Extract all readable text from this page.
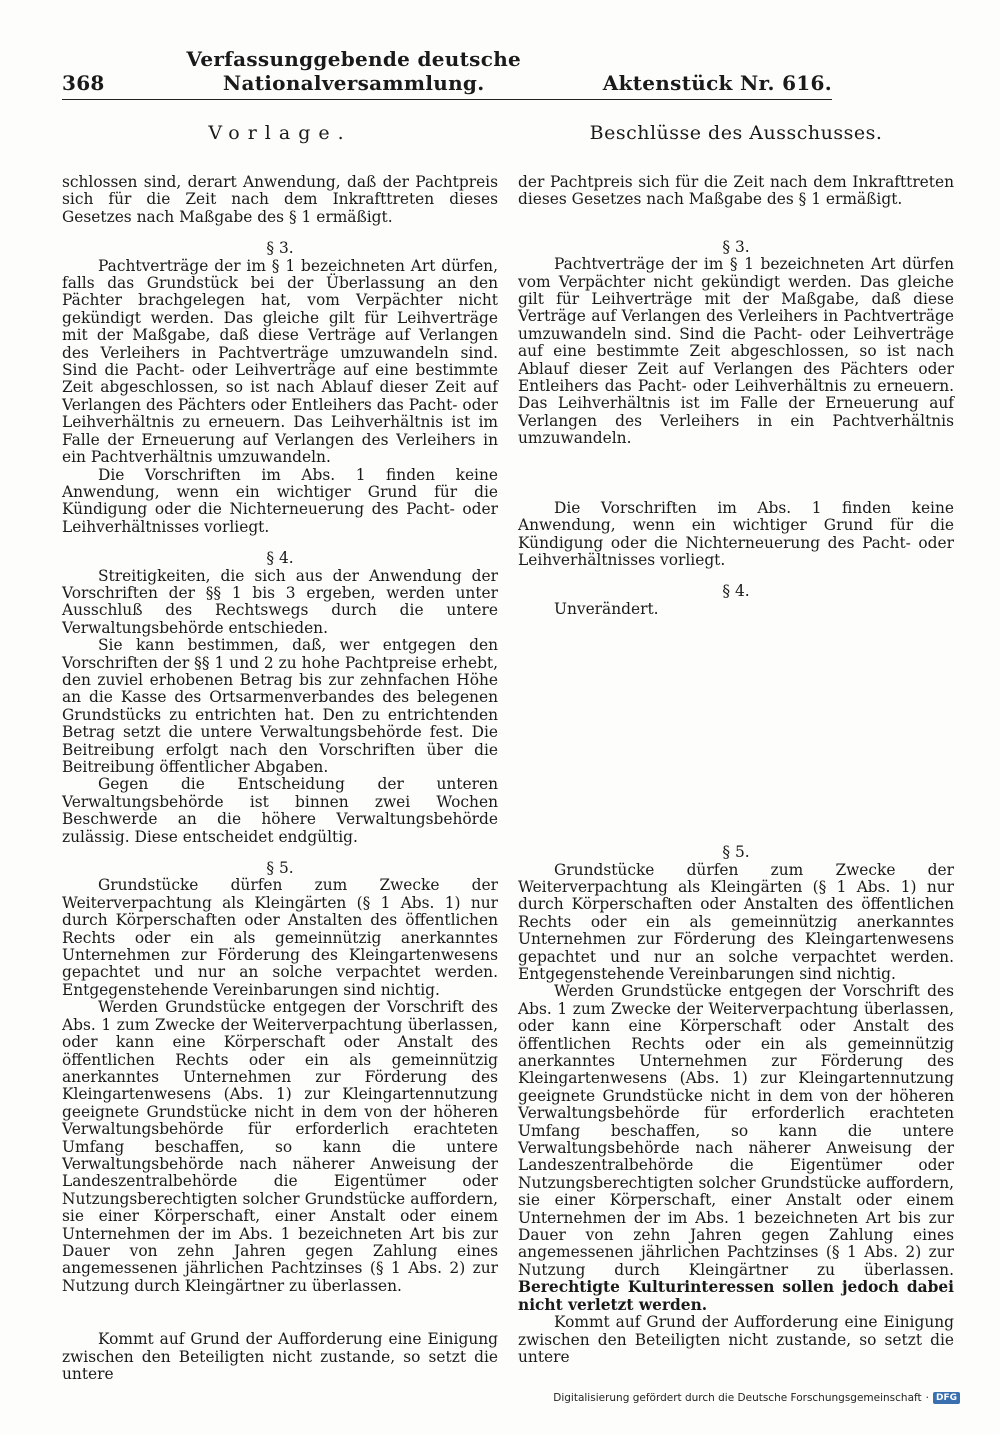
368
Verfassunggebende deutsche Nationalversammlung.	Aktenstück Nr. 616.
Vorlage.

schlossen sind, derart Anwendung, daß der Pachtpreis sich für die Zeit nach dem Inkrafttreten dieses Gesetzes nach Maßgabe des § 1 ermäßigt.

§ 3.

Pachtverträge der im § 1 bezeichneten Art dürfen, falls das Grundstück bei der Überlassung an den Pächter brachgelegen hat, vom Verpächter nicht gekündigt werden. Das gleiche gilt für Leihverträge mit der Maßgabe, daß diese Verträge auf Verlangen des Verleihers in Pachtverträge umzuwandeln sind. Sind die Pacht- oder Leihverträge auf eine bestimmte Zeit abgeschlossen, so ist nach Ablauf dieser Zeit auf Verlangen des Pächters oder Entleihers das Pacht- oder Leihverhältnis zu erneuern. Das Leihverhältnis ist im Falle der Erneuerung auf Verlangen des Verleihers in ein Pachtverhältnis umzuwandeln.

Die Vorschriften im Abs. 1 finden keine Anwendung, wenn ein wichtiger Grund für die Kündigung oder die Nichterneuerung des Pacht- oder Leihverhältnisses vorliegt.

§ 4.

Streitigkeiten, die sich aus der Anwendung der Vorschriften der §§ 1 bis 3 ergeben, werden unter Ausschluß des Rechtswegs durch die untere Verwaltungsbehörde entschieden.

Sie kann bestimmen, daß, wer entgegen den Vorschriften der §§ 1 und 2 zu hohe Pachtpreise erhebt, den zuviel erhobenen Betrag bis zur zehnfachen Höhe an die Kasse des Ortsarmenverbandes des belegenen Grundstücks zu entrichten hat. Den zu entrichtenden Betrag setzt die untere Verwaltungsbehörde fest. Die Beitreibung erfolgt nach den Vorschriften über die Beitreibung öffentlicher Abgaben.

Gegen die Entscheidung der unteren Verwaltungsbehörde ist binnen zwei Wochen Beschwerde an die höhere Verwaltungsbehörde zulässig. Diese entscheidet endgültig.

§ 5.

Grundstücke dürfen zum Zwecke der Weiterverpachtung als Kleingärten (§ 1 Abs. 1) nur durch Körperschaften oder Anstalten des öffentlichen Rechts oder ein als gemeinnützig anerkanntes Unternehmen zur Förderung des Kleingartenwesens gepachtet und nur an solche verpachtet werden. Entgegenstehende Vereinbarungen sind nichtig.

Werden Grundstücke entgegen der Vorschrift des Abs. 1 zum Zwecke der Weiterverpachtung überlassen, oder kann eine Körperschaft oder Anstalt des öffentlichen Rechts oder ein als gemeinnützig anerkanntes Unternehmen zur Förderung des Kleingartenwesens (Abs. 1) zur Kleingartennutzung geeignete Grundstücke nicht in dem von der höheren Verwaltungsbehörde für erforderlich erachteten Umfang beschaffen, so kann die untere Verwaltungsbehörde nach näherer Anweisung der Landeszentralbehörde die Eigentümer oder Nutzungsberechtigten solcher Grundstücke auffordern, sie einer Körperschaft, einer Anstalt oder einem Unternehmen der im Abs. 1 bezeichneten Art bis zur Dauer von zehn Jahren gegen Zahlung eines angemessenen jährlichen Pachtzinses (§ 1 Abs. 2) zur Nutzung durch Kleingärtner zu überlassen.

Kommt auf Grund der Aufforderung eine Einigung zwischen den Beteiligten nicht zustande, so setzt die untere

Beschlüsse des Ausschusses.

der Pachtpreis sich für die Zeit nach dem Inkrafttreten dieses Gesetzes nach Maßgabe des § 1 ermäßigt.

§ 3.

Pachtverträge der im § 1 bezeichneten Art dürfen vom Verpächter nicht gekündigt werden. Das gleiche gilt für Leihverträge mit der Maßgabe, daß diese Verträge auf Verlangen des Verleihers in Pachtverträge umzuwandeln sind. Sind die Pacht- oder Leihverträge auf eine bestimmte Zeit abgeschlossen, so ist nach Ablauf dieser Zeit auf Verlangen des Pächters oder Entleihers das Pacht- oder Leihverhältnis zu erneuern. Das Leihverhältnis ist im Falle der Erneuerung auf Verlangen des Verleihers in ein Pachtverhältnis umzuwandeln.

Die Vorschriften im Abs. 1 finden keine Anwendung, wenn ein wichtiger Grund für die Kündigung oder die Nichterneuerung des Pacht- oder Leihverhältnisses vorliegt.

§ 4.

Unverändert.

§ 5.

Grundstücke dürfen zum Zwecke der Weiterverpachtung als Kleingärten (§ 1 Abs. 1) nur durch Körperschaften oder Anstalten des öffentlichen Rechts oder ein als gemeinnützig anerkanntes Unternehmen zur Förderung des Kleingartenwesens gepachtet und nur an solche verpachtet werden. Entgegenstehende Vereinbarungen sind nichtig.

Werden Grundstücke entgegen der Vorschrift des Abs. 1 zum Zwecke der Weiterverpachtung überlassen, oder kann eine Körperschaft oder Anstalt des öffentlichen Rechts oder ein als gemeinnützig anerkanntes Unternehmen zur Förderung des Kleingartenwesens (Abs. 1) zur Kleingartennutzung geeignete Grundstücke nicht in dem von der höheren Verwaltungsbehörde für erforderlich erachteten Umfang beschaffen, so kann die untere Verwaltungsbehörde nach näherer Anweisung der Landeszentralbehörde die Eigentümer oder Nutzungsberechtigten solcher Grundstücke auffordern, sie einer Körperschaft, einer Anstalt oder einem Unternehmen der im Abs. 1 bezeichneten Art bis zur Dauer von zehn Jahren gegen Zahlung eines angemessenen jährlichen Pachtzinses (§ 1 Abs. 2) zur Nutzung durch Kleingärtner zu überlassen. Berechtigte Kulturinteressen sollen jedoch dabei nicht verletzt werden.

Kommt auf Grund der Aufforderung eine Einigung zwischen den Beteiligten nicht zustande, so setzt die untere

Digitalisierung gefördert durch die Deutsche Forschungsgemeinschaft · DFG
